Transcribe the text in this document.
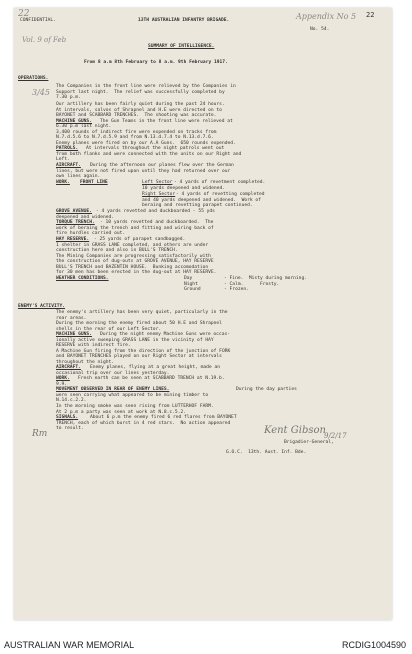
22
CONFIDENTIAL.	13TH AUSTRALIAN INFANTRY BRIGADE.
No. 54.
Appendix No 5 22
Vol. 9 of Feb
SUMMARY OF INTELLIGENCE.
From 8 a.m 8th February to 8 a.m. 9th February 1917.
OPERATIONS.
3/45
The Companies in the front line were relieved by the Companies in
Support last night.  The relief was successfully completed by
7.30 p.m.
Our artillery has been fairly quiet during the past 24 hours.
At intervals, salvos of Shrapnel and H.E were directed on to
BAYONET and SCABBARD TRENCHES.  The shooting was accurate.
MACHINE GUNS. The Gun Teams in the front line were relieved at
6.30 p.m last night.
3,400 rounds of indirect fire were expended on tracks from
N.7.d.5.6 to N.7.d.5.9 and from N.13.d.7.4 to N.13.d.7.6.
Enemy planes were fired on by our A.A Guns.  650 rounds expended.
PATROLS. At intervals throughout the night patrols went out
from both flanks and were connected with the units on our Right and
Left.
AIRCRAFT. During the afternoon our planes flew over the German
lines, but were not fired upon until they had returned over our
own lines again.
WORK. FRONT LINE	Left Sector - 4 yards of revetment completed.
10 yards deepened and widened.
Right Sector - 4 yards of revetting completed
and 40 yards deepened and widened.  Work of
beraing and revetting parapet continued.
GROVE AVENUE. - 4 yards revetted and duckboarded - 55 yds
deepened and widened.
TORQUE TRENCH. - 10 yards revetted and duckboarded.  The
work of beraing the trench and fitting and wiring back of
fire hurdles carried out.
HAY RESERVE. - 25 yards of parapet sandbagged.
1 shelter in GRASS LANE completed, and others are under
construction here and also in BULL'S TRENCH.
The Mining Companies are progressing satisfactorily with
the construction of dug-outs at GROVE AVENUE, HAY RESERVE
BULL'S TRENCH and BAZENTIN HOUSE.  Bunking accomodation
for 30 men has been erected in the dug-out at HAY RESERVE.
WEATHER CONDITIONS.	Day	- Fine.  Misty during morning.
Night	- Calm.      Frosty.
Ground	- Frozen.
ENEMY'S ACTIVITY.
The enemy's artillery has been very quiet, particularly in the
rear areas.
During the morning the enemy fired about 50 H.E and Shrapnel
shells in the rear of our Left Sector.
MACHINE GUNS. During the night enemy Machine Guns were occas-
ionally active sweeping GRASS LANE in the vicinity of HAY
RESERVE with indirect fire.
A Machine Gun firing from the direction of the junction of FORK
and BAYONET TRENCHES played on our Right Sector at intervals
throughout the night.
AIRCRAFT. Enemy planes, flying at a great height, made an
occasional trip over our lines yesterday.
WORK. Fresh earth can be seen at SCABBARD TRENCH at N.19.b.
9.9.
MOVEMENT OBSERVED IN REAR OF ENEMY LINES.	During the day parties
were seen carrying what appeared to be mining timber to
N.14.c.2.2.
In the morning smoke was seen rising from LUTTERHOF FARM.
At 2 p.m a party was seen at work at N.8.c.5.2.
SIGNALS.	About 6 p.m the enemy fired 6 red flares from BAYONET
TRENCH, each of which burst in 4 red stars.  No action appeared
to result.	Kent Gibson
9/2/17
Brigadier-General,
G.O.C.  13th. Aust. Inf. Bde.
Rm
AUSTRALIAN WAR MEMORIAL	RCDIG1004590
